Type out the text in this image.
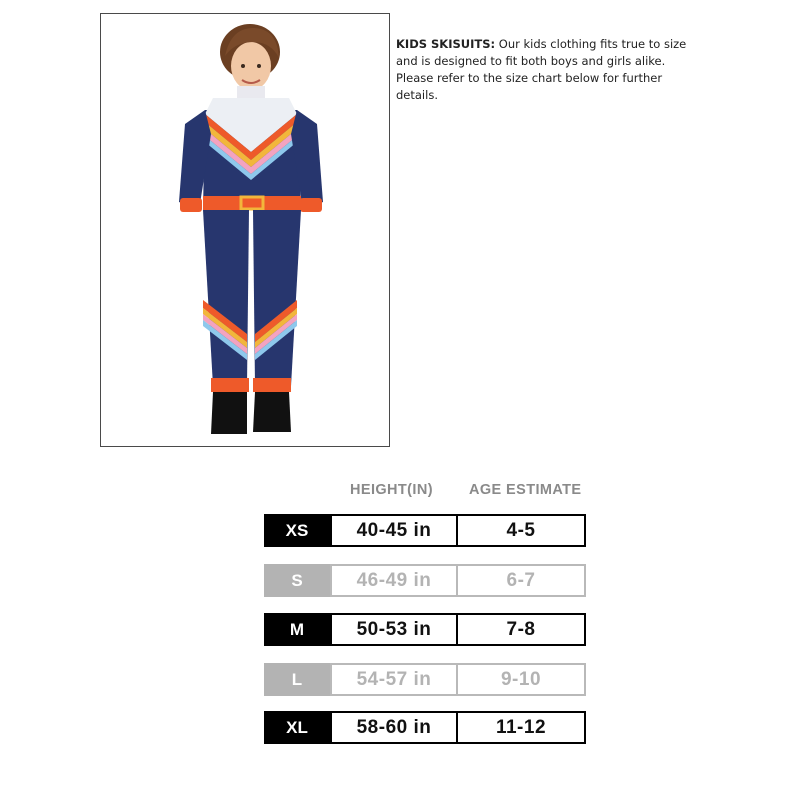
KIDS SKISUITS: Our kids clothing fits true to size and is designed to fit both boys and girls alike. Please refer to the size chart below for further details.
HEIGHT(IN) AGE ESTIMATE
XS	40-45 in	4-5
S	46-49 in	6-7
M	50-53 in	7-8
L	54-57 in	9-10
XL	58-60 in	11-12
